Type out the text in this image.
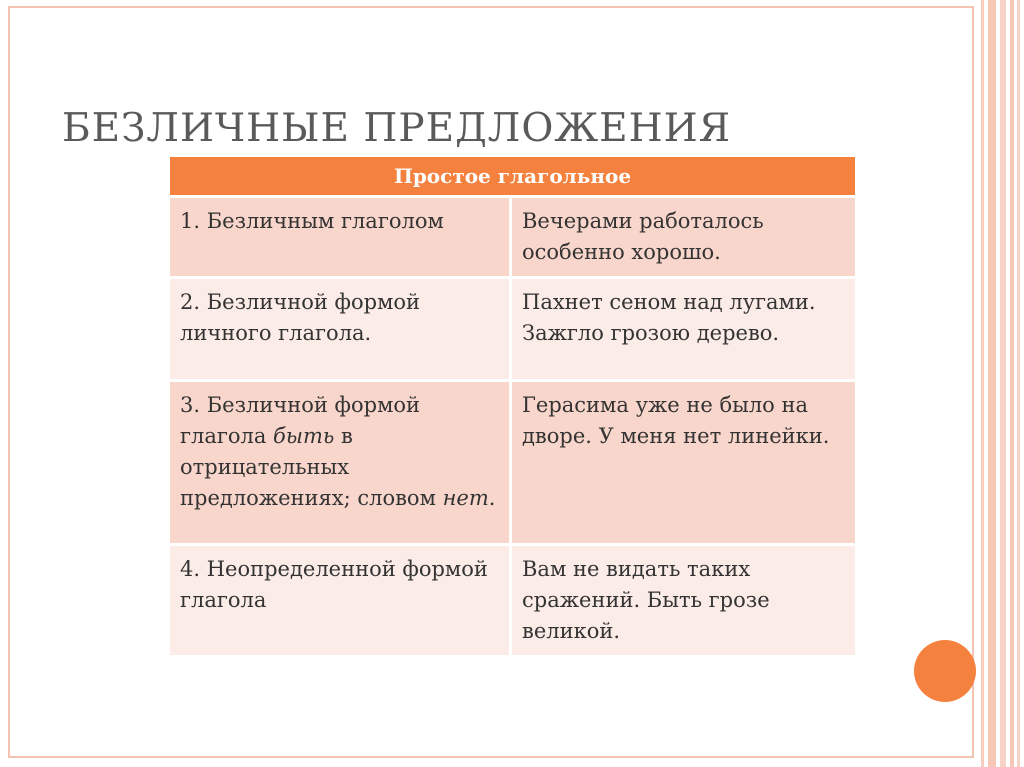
БЕЗЛИЧНЫЕ ПРЕДЛОЖЕНИЯ
Простое глагольное	
1. Безличным глаголом	Вечерами работалось особенно хорошо.
2. Безличной формой личного глагола.	Пахнет сеном над лугами. Зажгло грозою дерево.
3. Безличной формой глагола быть в отрицательных предложениях; словом нет.	Герасима уже не было на дворе. У меня нет линейки.
4. Неопределенной формой глагола	Вам не видать таких сражений. Быть грозе великой.
